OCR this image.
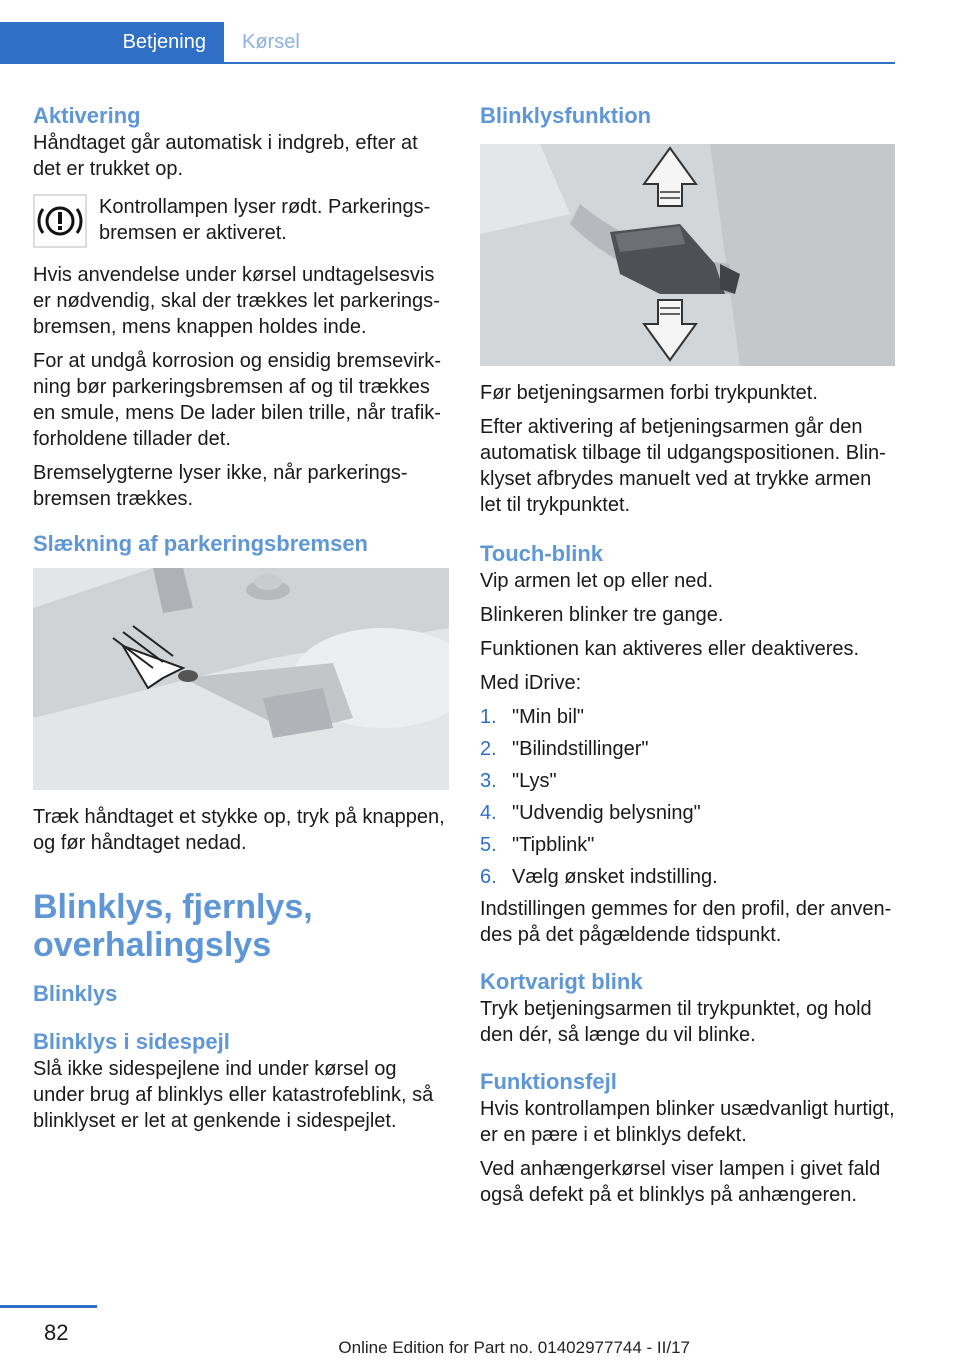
Betjening	Kørsel
Aktivering

Håndtaget går automatisk i indgreb, efter at det er trukket op.

Kontrollampen lyser rødt. Parkeringsbremsen er aktiveret.

Hvis anvendelse under kørsel undtagelsesvis er nødvendig, skal der trækkes let parkeringsbremsen, mens knappen holdes inde.

For at undgå korrosion og ensidig bremsevirkning bør parkeringsbremsen af og til trækkes en smule, mens De lader bilen trille, når trafikforholdene tillader det.

Bremselygterne lyser ikke, når parkeringsbremsen trækkes.

Slækning af parkeringsbremsen

Træk håndtaget et stykke op, tryk på knappen, og før håndtaget nedad.

Blinklys, fjernlys, overhalingslys
Blinklys
Blinklys i sidespejl

Slå ikke sidespejlene ind under kørsel og under brug af blinklys eller katastrofeblink, så blinklyset er let at genkende i sidespejlet.

Blinklysfunktion

Før betjeningsarmen forbi trykpunktet.

Efter aktivering af betjeningsarmen går den automatisk tilbage til udgangspositionen. Blinklyset afbrydes manuelt ved at trykke armen let til trykpunktet.

Touch-blink

Vip armen let op eller ned.

Blinkeren blinker tre gange.

Funktionen kan aktiveres eller deaktiveres.

Med iDrive:

1. "Min bil"
2. "Bilindstillinger"
3. "Lys"
4. "Udvendig belysning"
5. "Tipblink"
6. Vælg ønsket indstilling.

Indstillingen gemmes for den profil, der anvendes på det pågældende tidspunkt.

Kortvarigt blink

Tryk betjeningsarmen til trykpunktet, og hold den dér, så længe du vil blinke.

Funktionsfejl

Hvis kontrollampen blinker usædvanligt hurtigt, er en pære i et blinklys defekt.

Ved anhængerkørsel viser lampen i givet fald også defekt på et blinklys på anhængeren.

82
Online Edition for Part no. 01402977744 - II/17
